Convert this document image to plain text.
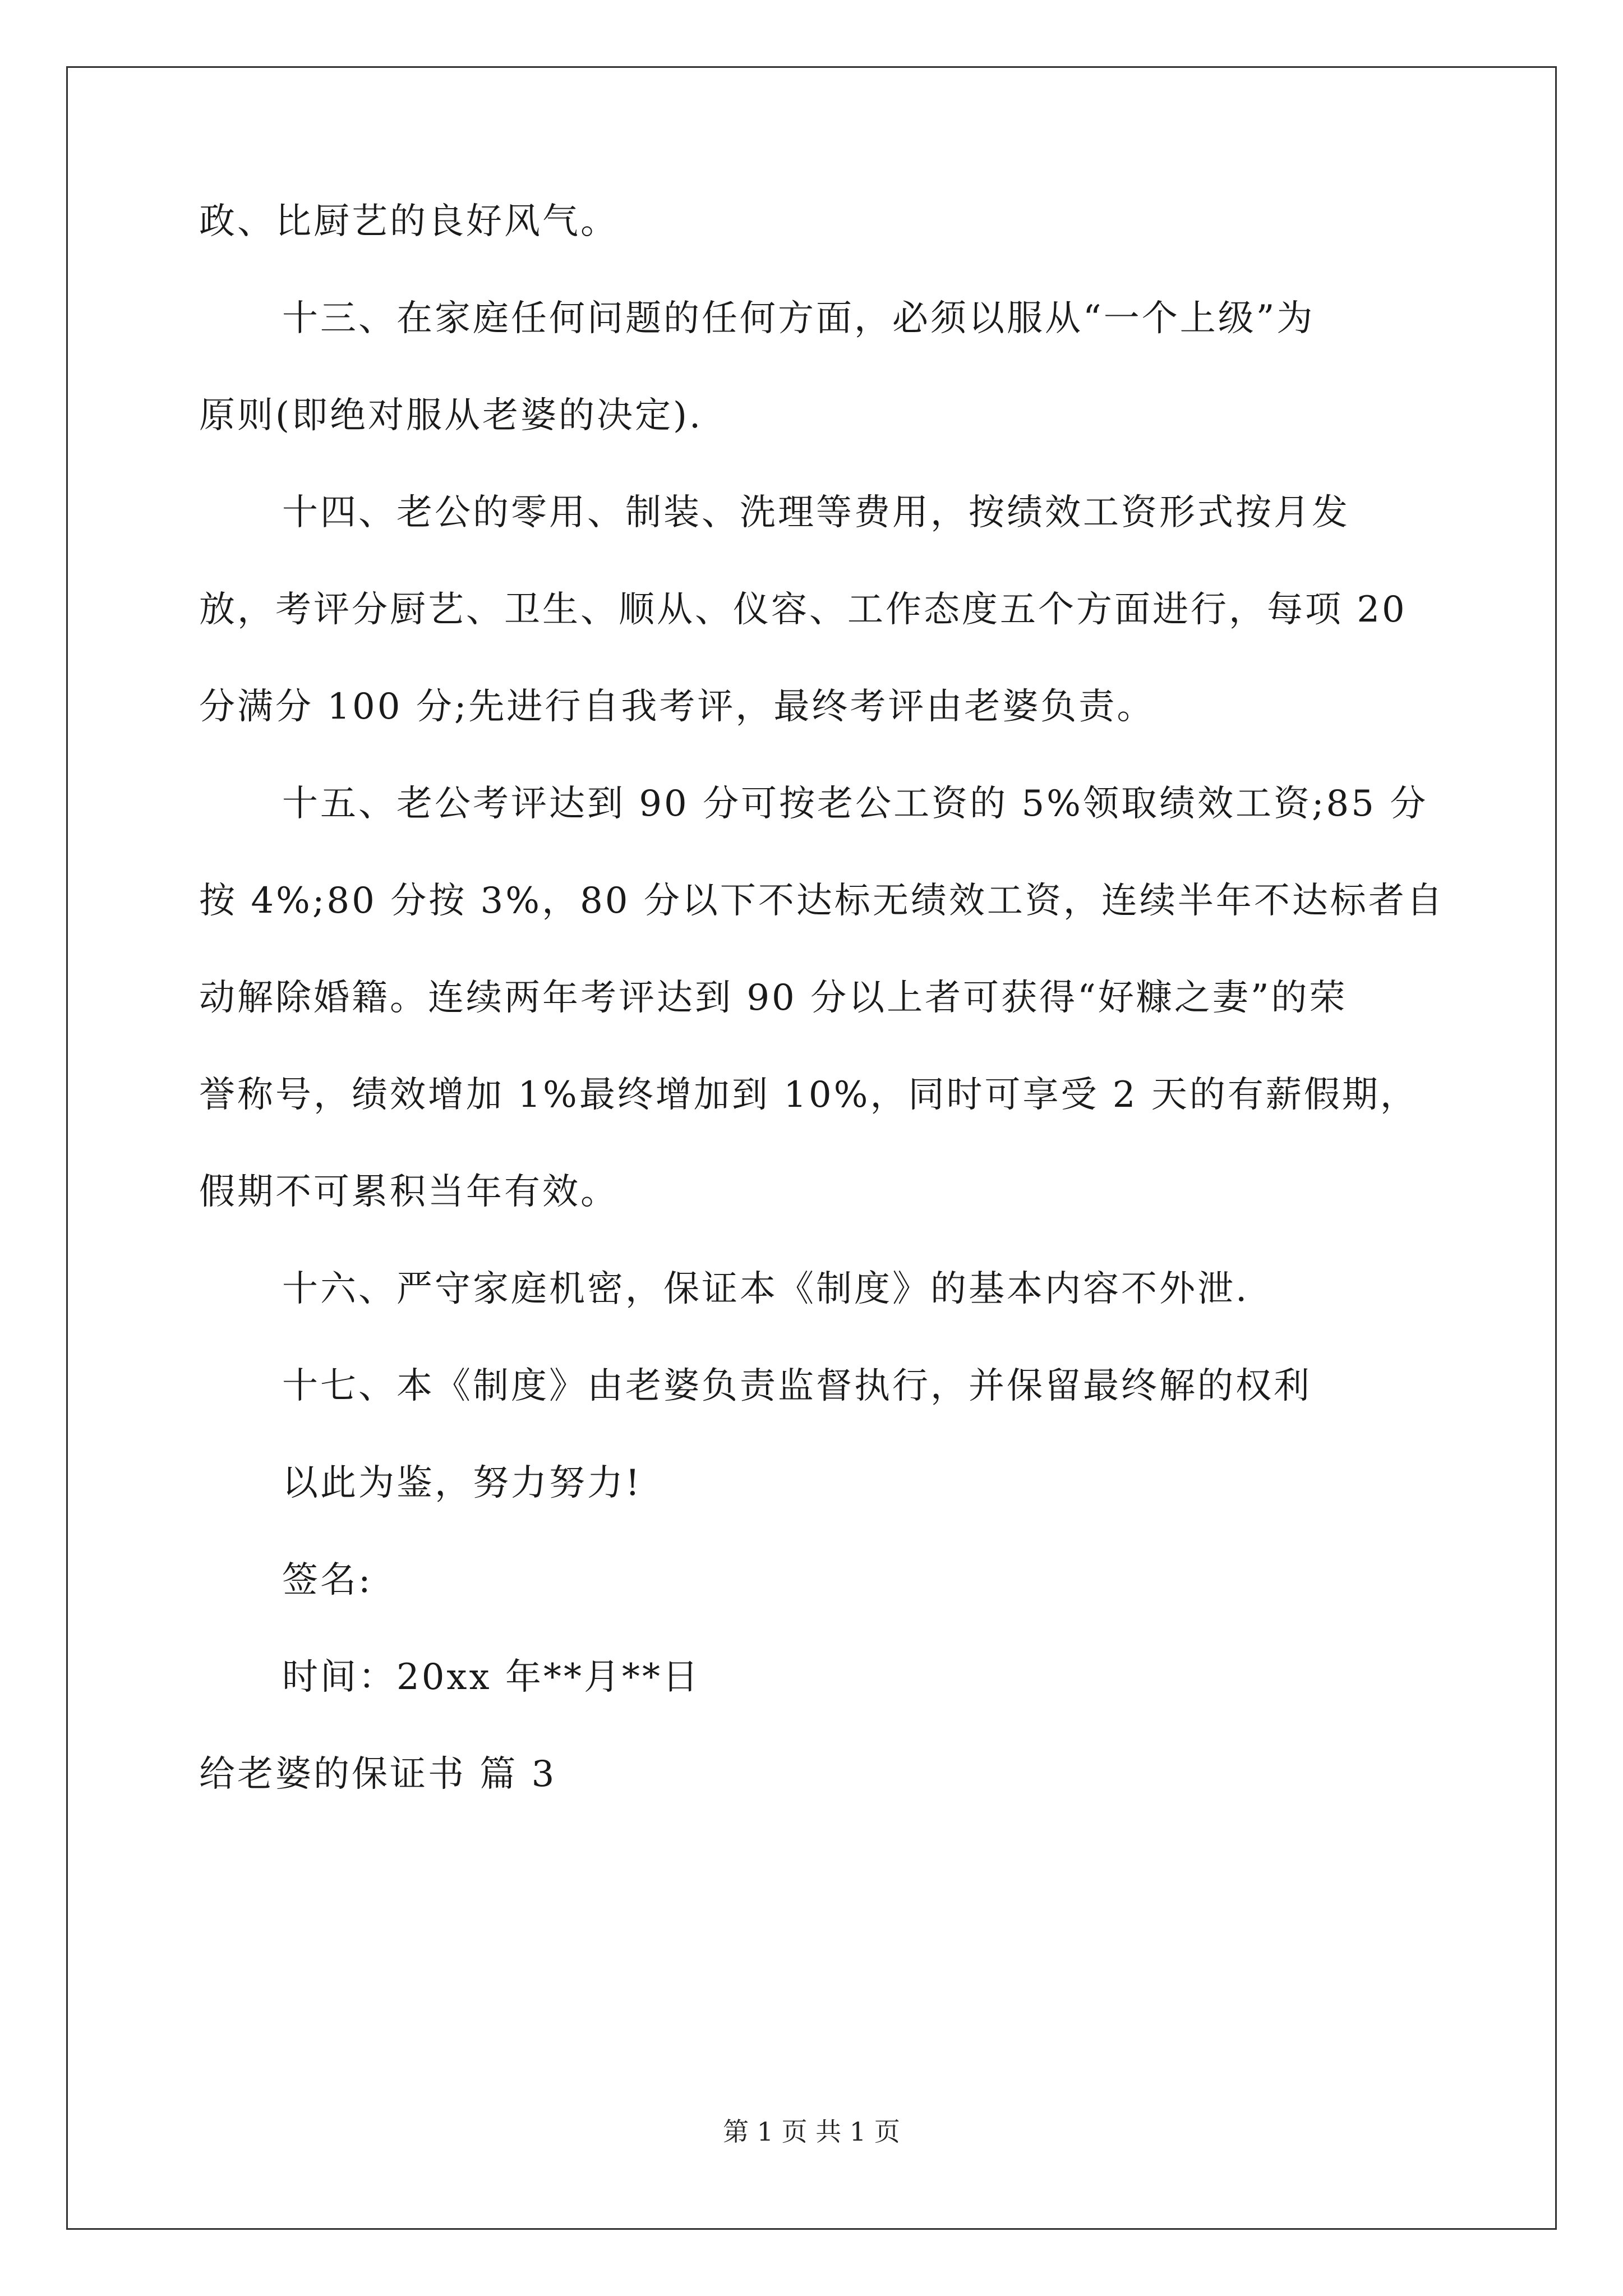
政、比厨艺的良好风气。
十三、在家庭任何问题的任何方面，必须以服从“一个上级”为
原则(即绝对服从老婆的决定).
十四、老公的零用、制装、洗理等费用，按绩效工资形式按月发
放，考评分厨艺、卫生、顺从、仪容、工作态度五个方面进行，每项 20
分满分 100 分;先进行自我考评，最终考评由老婆负责。
十五、老公考评达到 90 分可按老公工资的 5%领取绩效工资;85 分
按 4%;80 分按 3%，80 分以下不达标无绩效工资，连续半年不达标者自
动解除婚籍。连续两年考评达到 90 分以上者可获得“好糠之妻”的荣
誉称号，绩效增加 1%最终增加到 10%，同时可享受 2 天的有薪假期，
假期不可累积当年有效。
十六、严守家庭机密，保证本《制度》的基本内容不外泄.
十七、本《制度》由老婆负责监督执行，并保留最终解的权利
以此为鉴，努力努力!
签名:
时间：20xx 年**月**日
给老婆的保证书 篇 3
第 1 页 共 1 页
